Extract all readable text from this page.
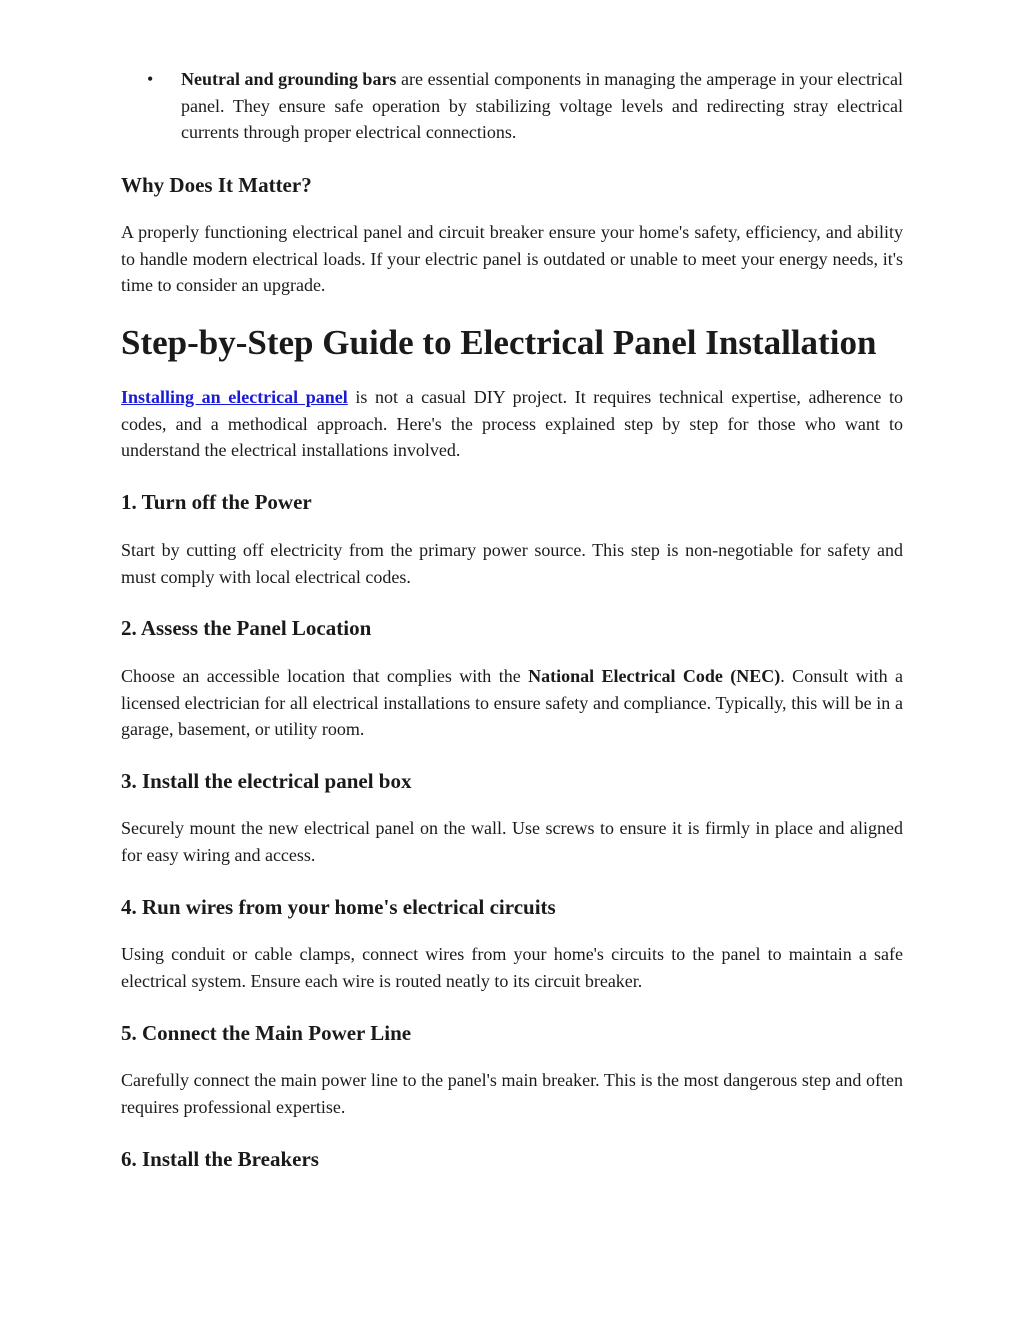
• Neutral and grounding bars are essential components in managing the amperage in your electrical panel. They ensure safe operation by stabilizing voltage levels and redirecting stray electrical currents through proper electrical connections.

Why Does It Matter?

A properly functioning electrical panel and circuit breaker ensure your home's safety, efficiency, and ability to handle modern electrical loads. If your electric panel is outdated or unable to meet your energy needs, it's time to consider an upgrade.

Step-by-Step Guide to Electrical Panel Installation

Installing an electrical panel is not a casual DIY project. It requires technical expertise, adherence to codes, and a methodical approach. Here's the process explained step by step for those who want to understand the electrical installations involved.

1. Turn off the Power

Start by cutting off electricity from the primary power source. This step is non-negotiable for safety and must comply with local electrical codes.

2. Assess the Panel Location

Choose an accessible location that complies with the National Electrical Code (NEC). Consult with a licensed electrician for all electrical installations to ensure safety and compliance. Typically, this will be in a garage, basement, or utility room.

3. Install the electrical panel box

Securely mount the new electrical panel on the wall. Use screws to ensure it is firmly in place and aligned for easy wiring and access.

4. Run wires from your home's electrical circuits

Using conduit or cable clamps, connect wires from your home's circuits to the panel to maintain a safe electrical system. Ensure each wire is routed neatly to its circuit breaker.

5. Connect the Main Power Line

Carefully connect the main power line to the panel's main breaker. This is the most dangerous step and often requires professional expertise.

6. Install the Breakers
